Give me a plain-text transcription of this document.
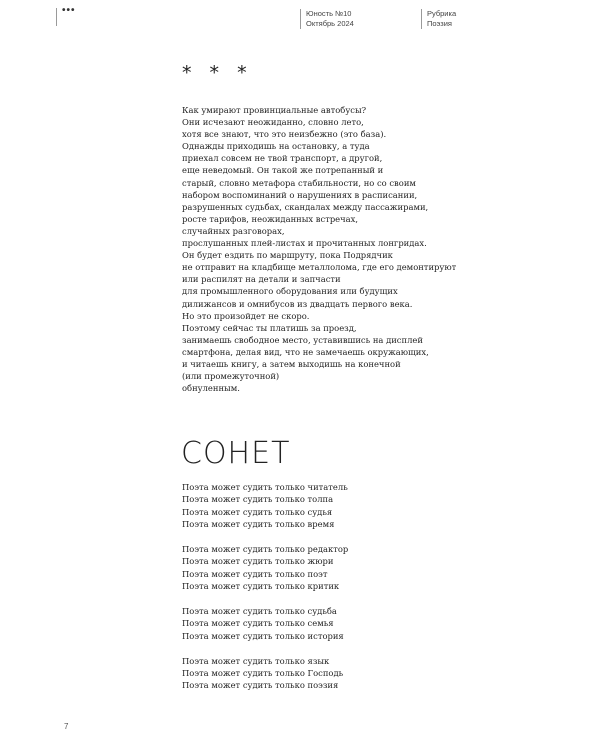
•••	Юность №10
Октябрь 2024
Рубрика
Поэзия
* * *
Как умирают провинциальные автобусы?
Они исчезают неожиданно, словно лето,
хотя все знают, что это неизбежно (это база).
Однажды приходишь на остановку, а туда
приехал совсем не твой транспорт, а другой,
еще неведомый. Он такой же потрепанный и
старый, словно метафора стабильности, но со своим
набором воспоминаний о нарушениях в расписании,
разрушенных судьбах, скандалах между пассажирами,
росте тарифов, неожиданных встречах,
случайных разговорах,
прослушанных плей-листах и прочитанных лонгридах.
Он будет ездить по маршруту, пока Подрядчик
не отправит на кладбище металлолома, где его демонтируют
или распилят на детали и запчасти
для промышленного оборудования или будущих
дилижансов и омнибусов из двадцать первого века.
Но это произойдет не скоро.
Поэтому сейчас ты платишь за проезд,
занимаешь свободное место, уставившись на дисплей
смартфона, делая вид, что не замечаешь окружающих,
и читаешь книгу, а затем выходишь на конечной
(или промежуточной)
обнуленным.
СОНЕТ
Поэта может судить только читатель
Поэта может судить только толпа
Поэта может судить только судья
Поэта может судить только время
Поэта может судить только редактор
Поэта может судить только жюри
Поэта может судить только поэт
Поэта может судить только критик
Поэта может судить только судьба
Поэта может судить только семья
Поэта может судить только история
Поэта может судить только язык
Поэта может судить только Господь
Поэта может судить только поэзия
7
